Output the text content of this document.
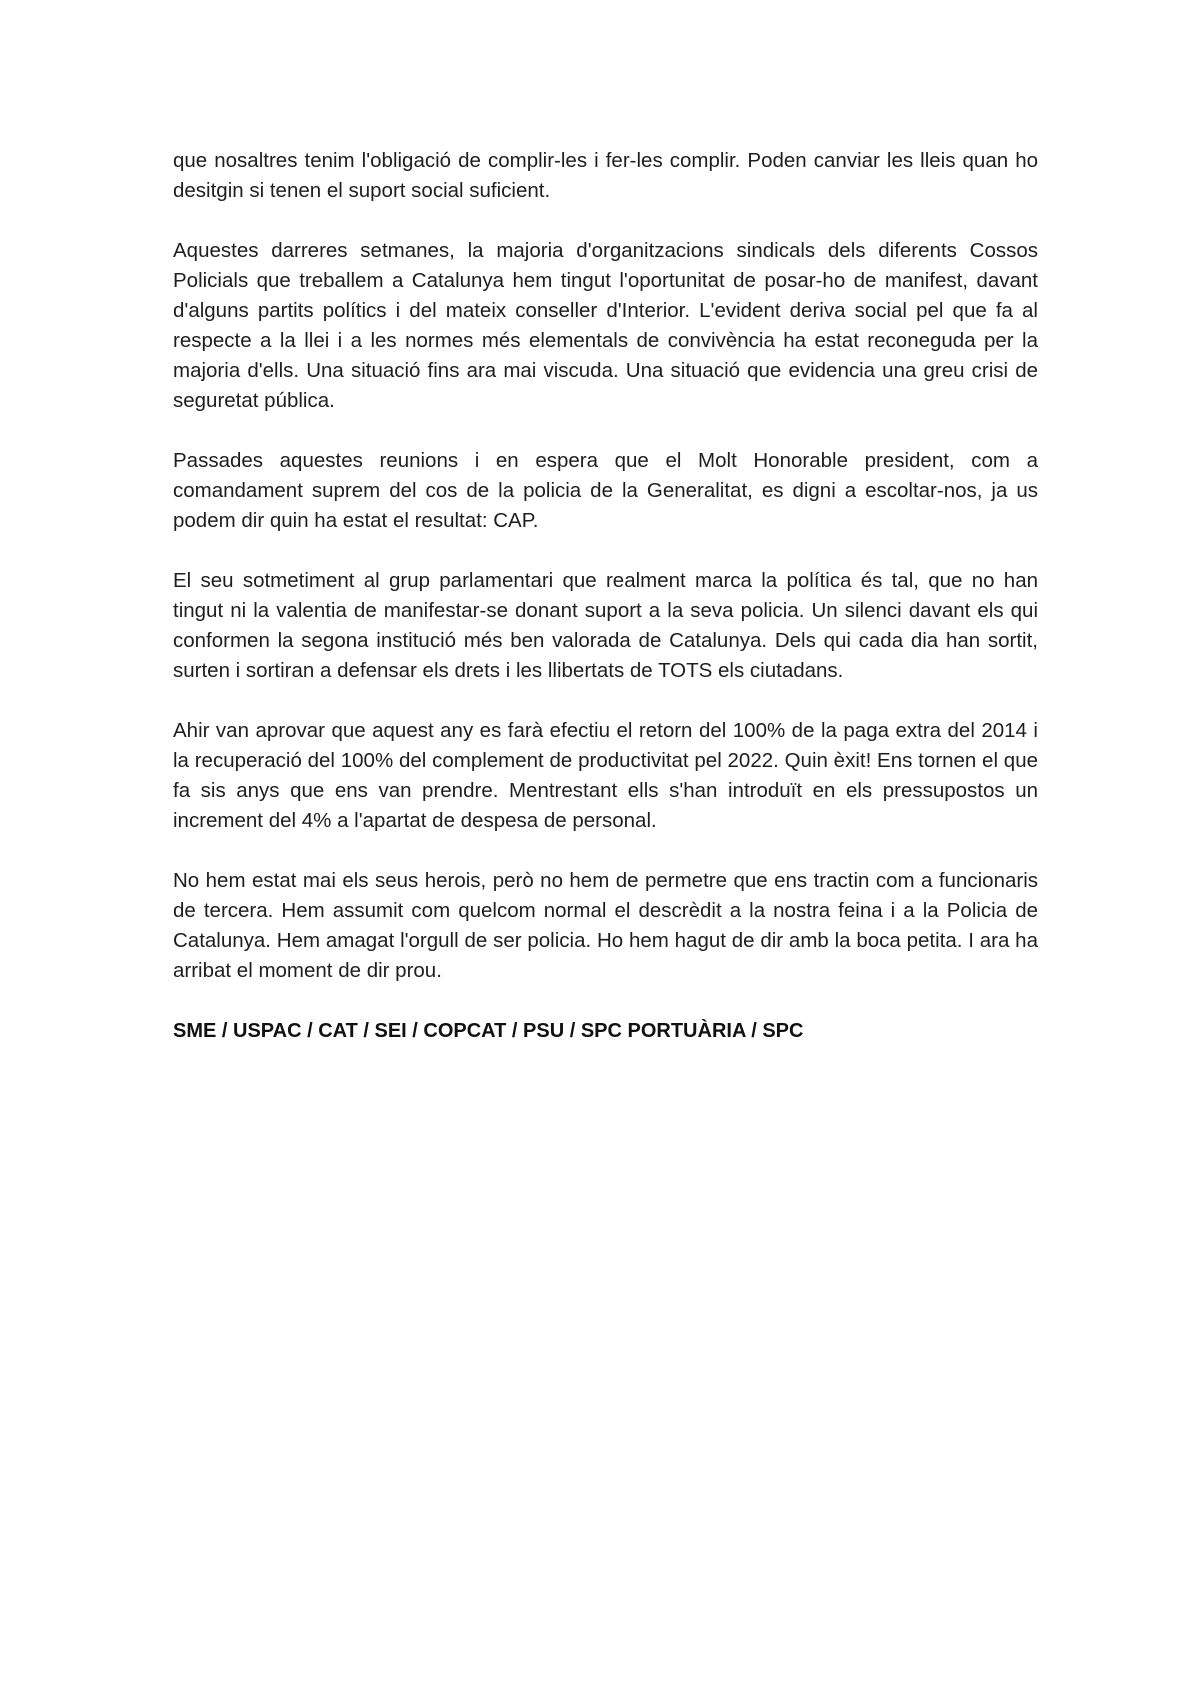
que nosaltres tenim l'obligació de complir-les i fer-les complir. Poden canviar les lleis quan ho desitgin si tenen el suport social suficient.

Aquestes darreres setmanes, la majoria d'organitzacions sindicals dels diferents Cossos Policials que treballem a Catalunya hem tingut l'oportunitat de posar-ho de manifest, davant d'alguns partits polítics i del mateix conseller d'Interior. L'evident deriva social pel que fa al respecte a la llei i a les normes més elementals de convivència ha estat reconeguda per la majoria d'ells. Una situació fins ara mai viscuda. Una situació que evidencia una greu crisi de seguretat pública.

Passades aquestes reunions i en espera que el Molt Honorable president, com a comandament suprem del cos de la policia de la Generalitat, es digni a escoltar-nos, ja us podem dir quin ha estat el resultat: CAP.

El seu sotmetiment al grup parlamentari que realment marca la política és tal, que no han tingut ni la valentia de manifestar-se donant suport a la seva policia. Un silenci davant els qui conformen la segona institució més ben valorada de Catalunya. Dels qui cada dia han sortit, surten i sortiran a defensar els drets i les llibertats de TOTS els ciutadans.

Ahir van aprovar que aquest any es farà efectiu el retorn del 100% de la paga extra del 2014 i la recuperació del 100% del complement de productivitat pel 2022. Quin èxit! Ens tornen el que fa sis anys que ens van prendre. Mentrestant ells s'han introduït en els pressupostos un increment del 4% a l'apartat de despesa de personal.

No hem estat mai els seus herois, però no hem de permetre que ens tractin com a funcionaris de tercera. Hem assumit com quelcom normal el descrèdit a la nostra feina i a la Policia de Catalunya. Hem amagat l'orgull de ser policia. Ho hem hagut de dir amb la boca petita. I ara ha arribat el moment de dir prou.

SME / USPAC / CAT / SEI / COPCAT / PSU / SPC PORTUÀRIA / SPC
